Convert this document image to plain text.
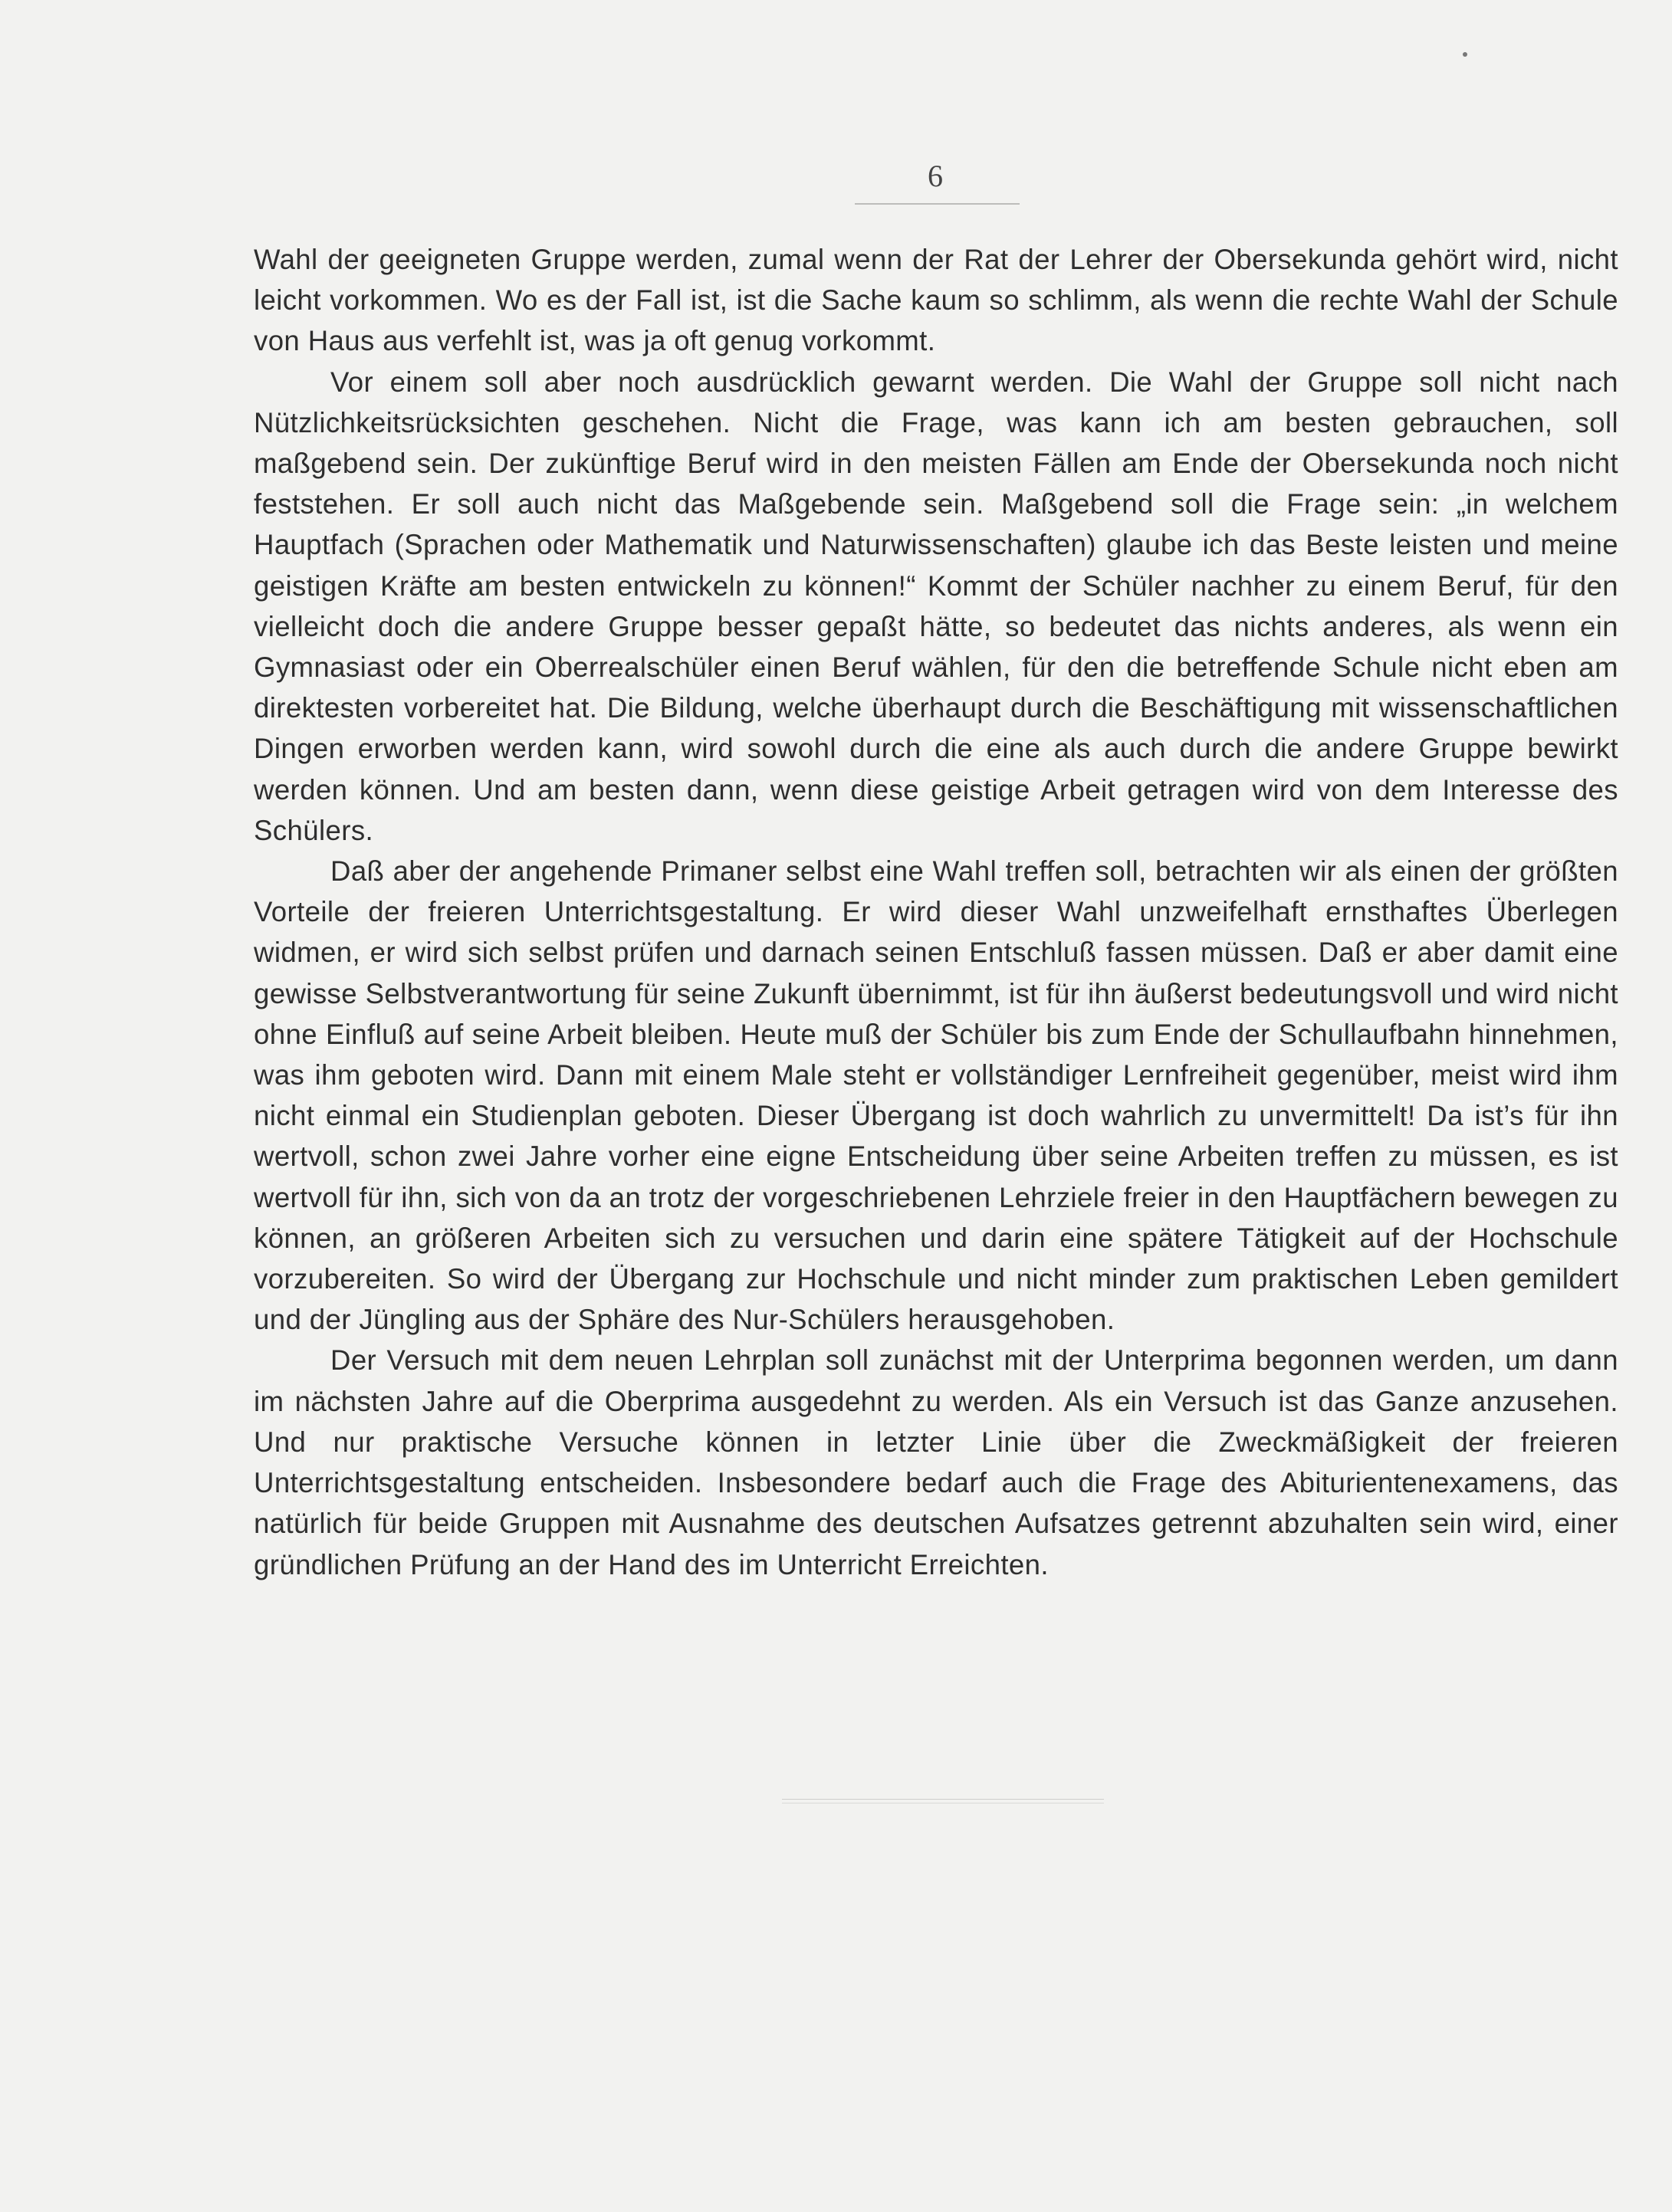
6

Wahl der geeigneten Gruppe werden, zumal wenn der Rat der Lehrer der Obersekunda gehört wird, nicht leicht vorkommen. Wo es der Fall ist, ist die Sache kaum so schlimm, als wenn die rechte Wahl der Schule von Haus aus verfehlt ist, was ja oft genug vorkommt.

Vor einem soll aber noch ausdrücklich gewarnt werden. Die Wahl der Gruppe soll nicht nach Nützlichkeitsrücksichten geschehen. Nicht die Frage, was kann ich am besten gebrauchen, soll maßgebend sein. Der zukünftige Beruf wird in den meisten Fällen am Ende der Obersekunda noch nicht feststehen. Er soll auch nicht das Maßgebende sein. Maßgebend soll die Frage sein: „in welchem Hauptfach (Sprachen oder Mathematik und Naturwissenschaften) glaube ich das Beste leisten und meine geistigen Kräfte am besten entwickeln zu können!“ Kommt der Schüler nachher zu einem Beruf, für den vielleicht doch die andere Gruppe besser gepaßt hätte, so bedeutet das nichts anderes, als wenn ein Gymnasiast oder ein Oberrealschüler einen Beruf wählen, für den die betreffende Schule nicht eben am direktesten vorbereitet hat. Die Bildung, welche überhaupt durch die Beschäftigung mit wissenschaftlichen Dingen erworben werden kann, wird sowohl durch die eine als auch durch die andere Gruppe bewirkt werden können. Und am besten dann, wenn diese geistige Arbeit getragen wird von dem Interesse des Schülers.

Daß aber der angehende Primaner selbst eine Wahl treffen soll, betrachten wir als einen der größten Vorteile der freieren Unterrichtsgestaltung. Er wird dieser Wahl unzweifelhaft ernsthaftes Überlegen widmen, er wird sich selbst prüfen und darnach seinen Entschluß fassen müssen. Daß er aber damit eine gewisse Selbstverantwortung für seine Zukunft übernimmt, ist für ihn äußerst bedeutungsvoll und wird nicht ohne Einfluß auf seine Arbeit bleiben. Heute muß der Schüler bis zum Ende der Schullaufbahn hinnehmen, was ihm geboten wird. Dann mit einem Male steht er vollständiger Lernfreiheit gegenüber, meist wird ihm nicht einmal ein Studienplan geboten. Dieser Übergang ist doch wahrlich zu unvermittelt! Da ist’s für ihn wertvoll, schon zwei Jahre vorher eine eigne Entscheidung über seine Arbeiten treffen zu müssen, es ist wertvoll für ihn, sich von da an trotz der vorgeschriebenen Lehrziele freier in den Hauptfächern bewegen zu können, an größeren Arbeiten sich zu versuchen und darin eine spätere Tätigkeit auf der Hochschule vorzubereiten. So wird der Übergang zur Hochschule und nicht minder zum praktischen Leben gemildert und der Jüngling aus der Sphäre des Nur-Schülers herausgehoben.

Der Versuch mit dem neuen Lehrplan soll zunächst mit der Unterprima begonnen werden, um dann im nächsten Jahre auf die Oberprima ausgedehnt zu werden. Als ein Versuch ist das Ganze anzusehen. Und nur praktische Versuche können in letzter Linie über die Zweckmäßigkeit der freieren Unterrichtsgestaltung entscheiden. Insbesondere bedarf auch die Frage des Abiturientenexamens, das natürlich für beide Gruppen mit Ausnahme des deutschen Aufsatzes getrennt abzuhalten sein wird, einer gründlichen Prüfung an der Hand des im Unterricht Erreichten.
